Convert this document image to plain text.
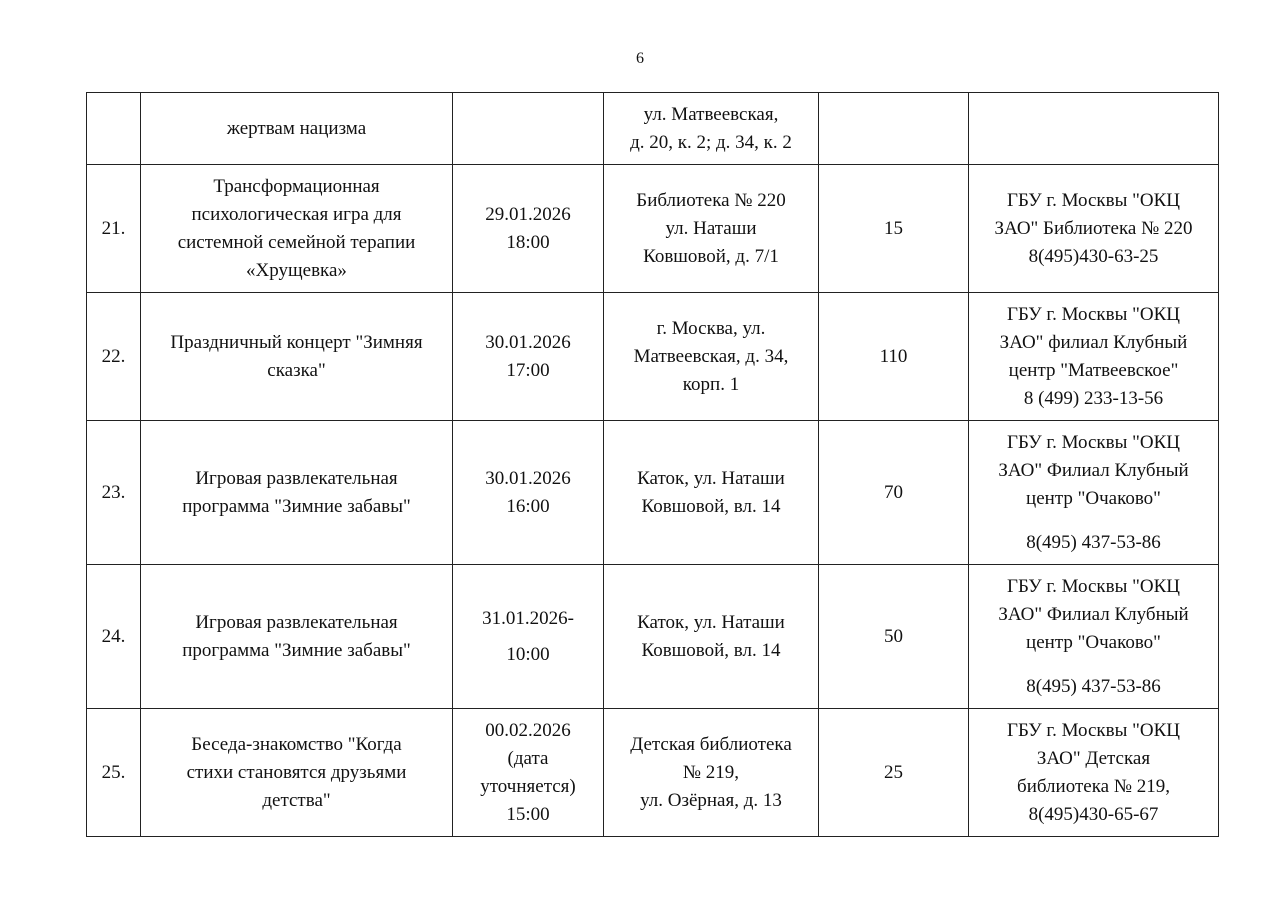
6

	жертвам нацизма		ул. Матвеевская,
д. 20, к. 2; д. 34, к. 2		

21.	Трансформационная
психологическая игра для
системной семейной терапии
«Хрущевка»	29.01.2026
18:00	Библиотека № 220
ул. Наташи
Ковшовой, д. 7/1	15	ГБУ г. Москвы "ОКЦ
ЗАО" Библиотека № 220
8(495)430-63-25

22.	Праздничный концерт "Зимняя
сказка"	30.01.2026
17:00	г. Москва, ул.
Матвеевская, д. 34,
корп. 1	110	ГБУ г. Москвы "ОКЦ
ЗАО" филиал Клубный
центр "Матвеевское"
8 (499) 233-13-56

23.	Игровая развлекательная
программа "Зимние забавы"	30.01.2026
16:00	Каток, ул. Наташи
Ковшовой, вл. 14	70	ГБУ г. Москвы "ОКЦ
ЗАО" Филиал Клубный
центр "Очаково"
8(495) 437-53-86

24.	Игровая развлекательная
программа "Зимние забавы"	31.01.2026-
10:00	Каток, ул. Наташи
Ковшовой, вл. 14	50	ГБУ г. Москвы "ОКЦ
ЗАО" Филиал Клубный
центр "Очаково"
8(495) 437-53-86

25.	Беседа-знакомство "Когда
стихи становятся друзьями
детства"	00.02.2026
(дата
уточняется)
15:00	Детская библиотека
№ 219,
ул. Озёрная, д. 13	25	ГБУ г. Москвы "ОКЦ
ЗАО" Детская
библиотека № 219,
8(495)430-65-67
